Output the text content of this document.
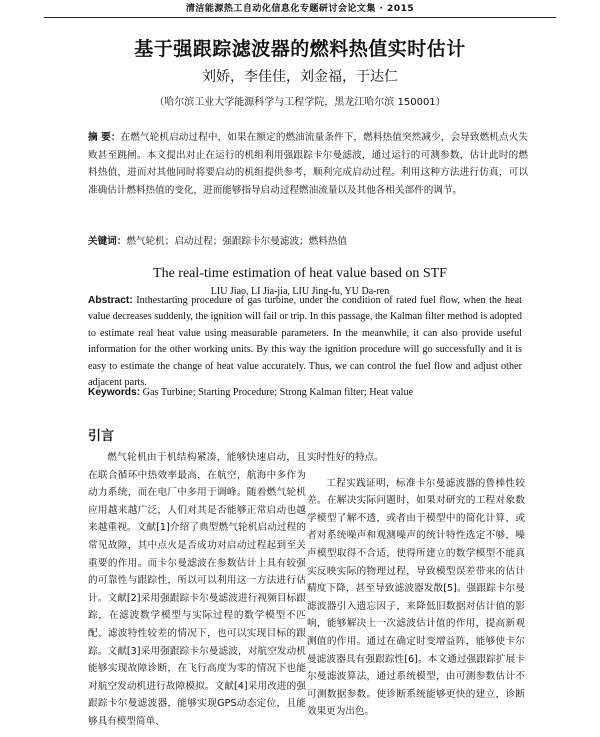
清洁能源热工自动化信息化专题研讨会论文集 · 2015
基于强跟踪滤波器的燃料热值实时估计
刘娇，李佳佳，刘金福，于达仁
（哈尔滨工业大学能源科学与工程学院，黑龙江哈尔滨 150001）
摘 要：在燃气轮机启动过程中，如果在额定的燃油流量条件下，燃料热值突然减少，会导致燃机点火失败甚至跳闸。本文提出对止在运行的机组利用强跟踪卡尔曼滤波，通过运行的可测参数，估计此时的燃料热值，进而对其他同时将要启动的机组提供参考，顺利完成启动过程。利用这种方法进行仿真，可以准确估计燃料热值的变化，进而能够指导启动过程燃油流量以及其他各相关部件的调节。
关键词：燃气轮机；启动过程；强跟踪卡尔曼滤波；燃料热值
The real-time estimation of heat value based on STF
LIU Jiao, LI Jia-jia, LIU Jing-fu, YU Da-ren
Abstract: Inthestarting procedure of gas turbine, under the condition of rated fuel flow, when the heat value decreases suddenly, the ignition will fail or trip. In this passage, the Kalman filter method is adopted to estimate real heat value using measurable parameters. In the meanwhile, it can also provide useful information for the other working units. By this way the ignition procedure will go successfully and it is easy to estimate the change of heat value accurately. Thus, we can control the fuel flow and adjust other adjacent parts.
Keywords: Gas Turbine; Starting Procedure; Strong Kalman filter; Heat value
引言

燃气轮机由于机结构紧凑，能够快速启动，且在联合循环中热效率最高，在航空，航海中多作为动力系统，而在电厂中多用于调峰。随着燃气轮机应用越来越广泛，人们对其是否能够正常启动也越来越重视。文献[1]介绍了典型燃气轮机启动过程的常见故障，其中点火是否成功对启动过程起到至关重要的作用。而卡尔曼滤波在参数估计上具有较强的可靠性与跟踪性，所以可以利用这一方法进行估计。文献[2]采用强跟踪卡尔曼滤波进行视频目标跟踪，在滤波数学模型与实际过程的数学模型不匹配、滤波特性较差的情况下，也可以实现目标的跟踪。文献[3]采用强跟踪卡尔曼滤波，对航空发动机能够实现故障诊断，在飞行高度为零的情况下也能对航空发动机进行故障模拟。文献[4]采用改进的强跟踪卡尔曼滤波器，能够实现GPS动态定位，且能够具有模型简单、

实时性好的特点。

工程实践证明，标准卡尔曼滤波器的鲁棒性较差。在解决实际问题时，如果对研究的工程对象数学模型了解不透，或者由于模型中的简化计算，或者对系统噪声和观测噪声的统计特性选定不够，噪声模型取得不合适，使得所建立的数学模型不能真实反映实际的物理过程，导致模型误差带来的估计精度下降，甚至导致滤波器发散[5]。强跟踪卡尔曼滤波器引入遗忘因子，来降低旧数据对估计值的影响，能够解决上一次滤波估计值的作用，提高新观测值的作用。通过在确定时变增益阵，能够使卡尔曼滤波器具有强跟踪性[6]。本文通过强跟踪扩展卡尔曼滤波算法，通过系统模型，由可测参数估计不可测数据参数。使诊断系统能够更快的建立，诊断效果更为出色。
